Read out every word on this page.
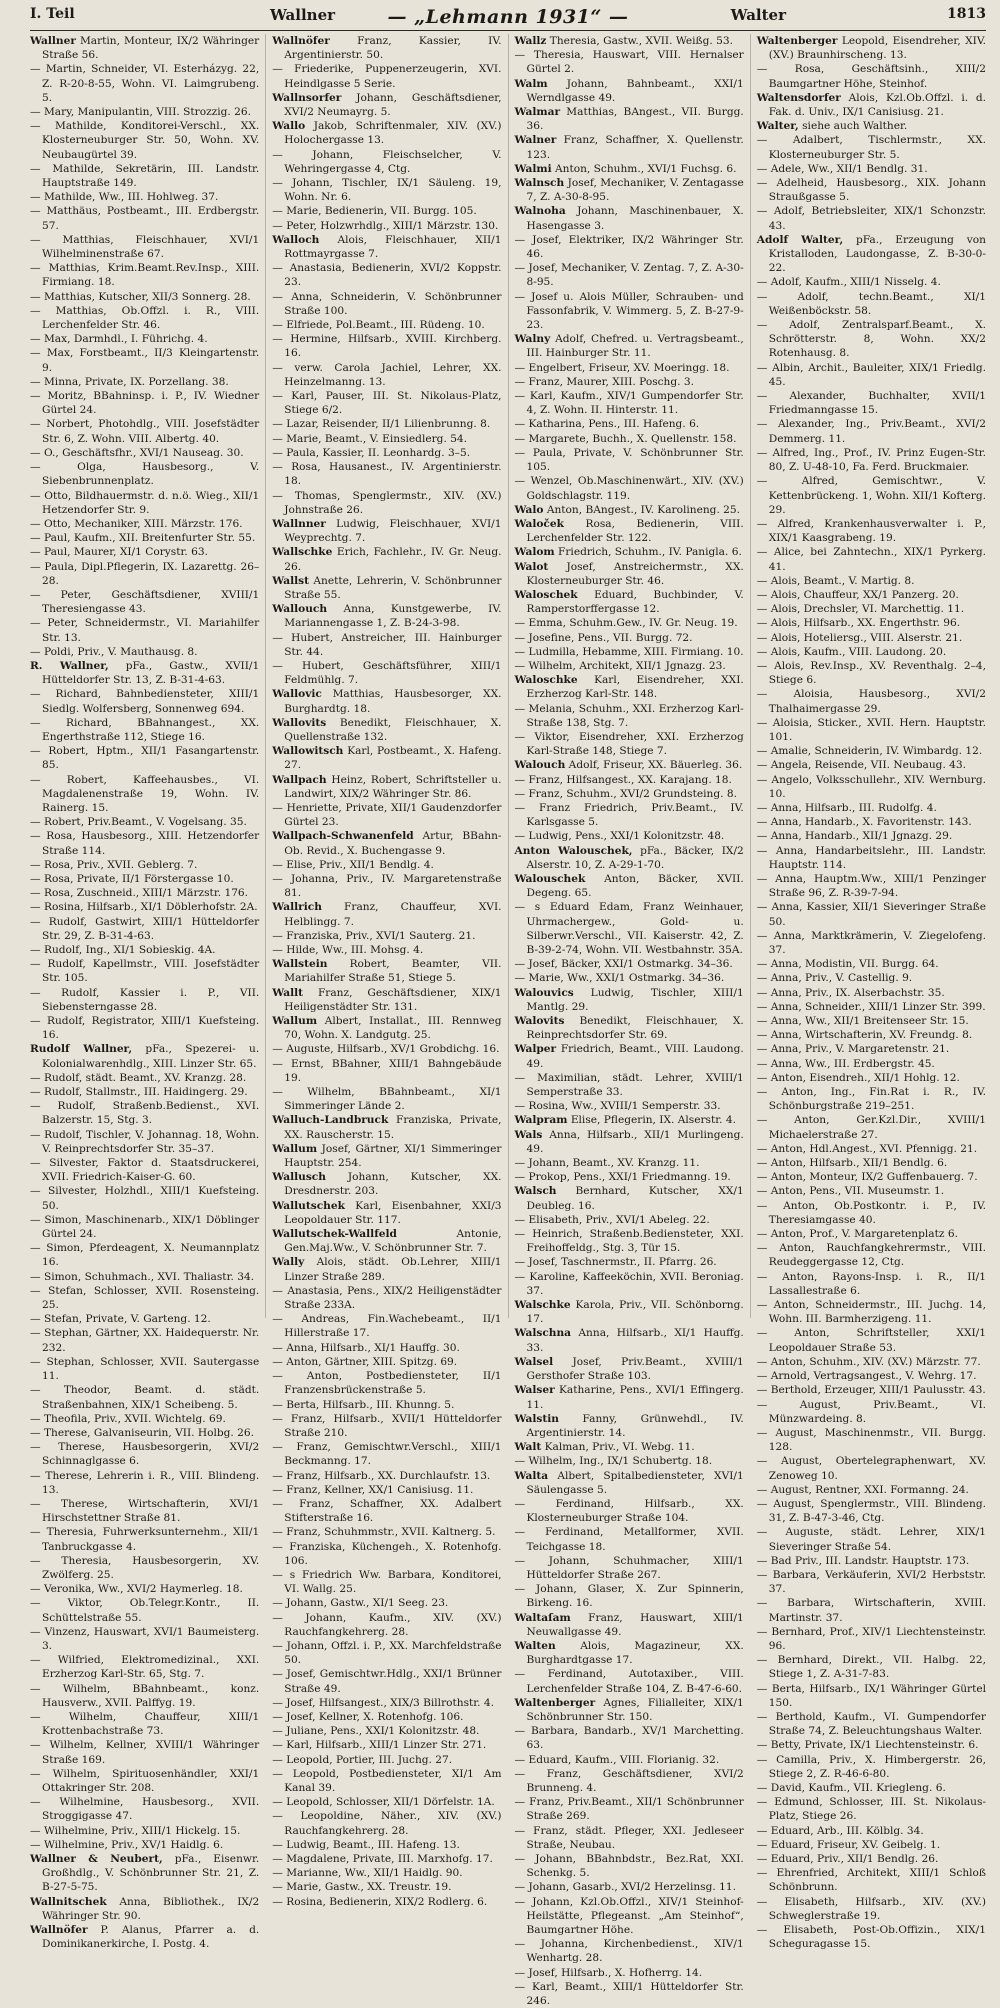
I. Teil	— „Lehmann 1931“ —
Wallner	Walter	1813

Wallner Martin, Monteur, IX/2 Währinger Straße 56.

— Martin, Schneider, VI. Esterházyg. 22, Z. R-20-8-55, Wohn. VI. Laimgrubeng. 5.

— Mary, Manipulantin, VIII. Strozzig. 26.

— Mathilde, Konditorei-Verschl., XX. Klosterneuburger Str. 50, Wohn. XV. Neubaugürtel 39.

— Mathilde, Sekretärin, III. Landstr. Hauptstraße 149.

— Mathilde, Ww., III. Hohlweg. 37.

— Matthäus, Postbeamt., III. Erdbergstr. 57.

— Matthias, Fleischhauer, XVI/1 Wilhelminenstraße 67.

— Matthias, Krim.Beamt.Rev.Insp., XIII. Firmiang. 18.

— Matthias, Kutscher, XII/3 Sonnerg. 28.

— Matthias, Ob.Offzl. i. R., VIII. Lerchenfelder Str. 46.

— Max, Darmhdl., I. Führichg. 4.

— Max, Forstbeamt., II/3 Kleingartenstr. 9.

— Minna, Private, IX. Porzellang. 38.

— Moritz, BBahninsp. i. P., IV. Wiedner Gürtel 24.

— Norbert, Photohdlg., VIII. Josefstädter Str. 6, Z. Wohn. VIII. Albertg. 40.

— O., Geschäftsfhr., XVI/1 Nauseag. 30.

— Olga, Hausbesorg., V. Siebenbrunnenplatz.

— Otto, Bildhauermstr. d. n.ö. Wieg., XII/1 Hetzendorfer Str. 9.

— Otto, Mechaniker, XIII. Märzstr. 176.

— Paul, Kaufm., XII. Breitenfurter Str. 55.

— Paul, Maurer, XI/1 Corystr. 63.

— Paula, Dipl.Pflegerin, IX. Lazarettg. 26–28.

— Peter, Geschäftsdiener, XVIII/1 Theresiengasse 43.

— Peter, Schneidermstr., VI. Mariahilfer Str. 13.

— Poldi, Priv., V. Mauthausg. 8.

R. Wallner, pFa., Gastw., XVII/1 Hütteldorfer Str. 13, Z. B-31-4-63.

— Richard, Bahnbediensteter, XIII/1 Siedlg. Wolfersberg, Sonnenweg 694.

— Richard, BBahnangest., XX. Engerthstraße 112, Stiege 16.

— Robert, Hptm., XII/1 Fasangartenstr. 85.

— Robert, Kaffeehausbes., VI. Magdalenenstraße 19, Wohn. IV. Rainerg. 15.

— Robert, Priv.Beamt., V. Vogelsang. 35.

— Rosa, Hausbesorg., XIII. Hetzendorfer Straße 114.

— Rosa, Priv., XVII. Geblerg. 7.

— Rosa, Private, II/1 Förstergasse 10.

— Rosa, Zuschneid., XIII/1 Märzstr. 176.

— Rosina, Hilfsarb., XI/1 Döblerhofstr. 2A.

— Rudolf, Gastwirt, XIII/1 Hütteldorfer Str. 29, Z. B-31-4-63.

— Rudolf, Ing., XI/1 Sobieskig. 4A.

— Rudolf, Kapellmstr., VIII. Josefstädter Str. 105.

— Rudolf, Kassier i. P., VII. Siebensterngasse 28.

— Rudolf, Registrator, XIII/1 Kuefsteing. 16.

Rudolf Wallner, pFa., Spezerei- u. Kolonialwarenhdlg., XIII. Linzer Str. 65.

— Rudolf, städt. Beamt., XV. Kranzg. 28.

— Rudolf, Stallmstr., III. Haidingerg. 29.

— Rudolf, Straßenb.Bedienst., XVI. Balzerstr. 15, Stg. 3.

— Rudolf, Tischler, V. Johannag. 18, Wohn. V. Reinprechtsdorfer Str. 35–37.

— Silvester, Faktor d. Staatsdruckerei, XVII. Friedrich-Kaiser-G. 60.

— Silvester, Holzhdl., XIII/1 Kuefsteing. 50.

— Simon, Maschinenarb., XIX/1 Döblinger Gürtel 24.

— Simon, Pferdeagent, X. Neumannplatz 16.

— Simon, Schuhmach., XVI. Thaliastr. 34.

— Stefan, Schlosser, XVII. Rosensteing. 25.

— Stefan, Private, V. Garteng. 12.

— Stephan, Gärtner, XX. Haidequerstr. Nr. 232.

— Stephan, Schlosser, XVII. Sautergasse 11.

— Theodor, Beamt. d. städt. Straßenbahnen, XIX/1 Scheibeng. 5.

— Theofila, Priv., XVII. Wichtelg. 69.

— Therese, Galvaniseurin, VII. Holbg. 26.

— Therese, Hausbesorgerin, XVI/2 Schinnaglgasse 6.

— Therese, Lehrerin i. R., VIII. Blindeng. 13.

— Therese, Wirtschafterin, XVI/1 Hirschstettner Straße 81.

— Theresia, Fuhrwerksunternehm., XII/1 Tanbruckgasse 4.

— Theresia, Hausbesorgerin, XV. Zwölferg. 25.

— Veronika, Ww., XVI/2 Haymerleg. 18.

— Viktor, Ob.Telegr.Kontr., II. Schüttelstraße 55.

— Vinzenz, Hauswart, XVI/1 Baumeisterg. 3.

— Wilfried, Elektromedizinal., XXI. Erzherzog Karl-Str. 65, Stg. 7.

— Wilhelm, BBahnbeamt., konz. Hausverw., XVII. Palffyg. 19.

— Wilhelm, Chauffeur, XIII/1 Krottenbachstraße 73.

— Wilhelm, Kellner, XVIII/1 Währinger Straße 169.

— Wilhelm, Spirituosenhändler, XXI/1 Ottakringer Str. 208.

— Wilhelmine, Hausbesorg., XVII. Stroggigasse 47.

— Wilhelmine, Priv., XIII/1 Hickelg. 15.

— Wilhelmine, Priv., XV/1 Haidlg. 6.

Wallner & Neubert, pFa., Eisenwr. Großhdlg., V. Schönbrunner Str. 21, Z. B-27-5-75.

Wallnitschek Anna, Bibliothek., IX/2 Währinger Str. 90.

Wallnöfer P. Alanus, Pfarrer a. d. Dominikanerkirche, I. Postg. 4.

Wallnöfer	Franz, Kassier, IV. Argentinierstr. 50.

— Friederike, Puppenerzeugerin, XVI. Heindlgasse 5 Serie.

Wallnsorfer Johann, Geschäftsdiener, XVI/2 Neumayrg. 5.

Wallo Jakob, Schriftenmaler, XIV. (XV.) Holochergasse 13.

— Johann, Fleischselcher, V. Wehringergasse 4, Ctg.

— Johann, Tischler, IX/1 Säuleng. 19, Wohn. Nr. 6.

— Marie, Bedienerin, VII. Burgg. 105.

— Peter, Holzwrhdlg., XIII/1 Märzstr. 130.

Walloch Alois, Fleischhauer, XII/1 Rottmayrgasse 7.

— Anastasia, Bedienerin, XVI/2 Koppstr. 23.

— Anna, Schneiderin, V. Schönbrunner Straße 100.

— Elfriede, Pol.Beamt., III. Rüdeng. 10.

— Hermine, Hilfsarb., XVIII. Kirchberg. 16.

— verw. Carola Jachiel, Lehrer, XX. Heinzelmanng. 13.

— Karl, Pauser, III. St. Nikolaus-Platz, Stiege 6/2.

— Lazar, Reisender, II/1 Lilienbrunng. 8.

— Marie, Beamt., V. Einsiedlerg. 54.

— Paula, Kassier, II. Leonhardg. 3–5.

— Rosa, Hausanest., IV. Argentinierstr. 18.

— Thomas, Spenglermstr., XIV. (XV.) Johnstraße 26.

Wallnner Ludwig, Fleischhauer, XVI/1 Weyprechtg. 7.

Wallschke Erich, Fachlehr., IV. Gr. Neug. 26.

Wallst Anette, Lehrerin, V. Schönbrunner Straße 55.

Wallouch Anna, Kunstgewerbe, IV. Mariannengasse 1, Z. B-24-3-98.

— Hubert, Anstreicher, III. Hainburger Str. 44.

— Hubert, Geschäftsführer, XIII/1 Feldmühlg. 7.

Wallovic Matthias, Hausbesorger, XX. Burghardtg. 18.

Wallovits Benedikt, Fleischhauer, X. Quellenstraße 132.

Wallowitsch Karl, Postbeamt., X. Hafeng. 27.

Wallpach Heinz, Robert, Schriftsteller u. Landwirt, XIX/2 Währinger Str. 86.

— Henriette, Private, XII/1 Gaudenzdorfer Gürtel 23.

Wallpach-Schwanenfeld Artur, BBahn-Ob. Revid., X. Buchengasse 9.

— Elise, Priv., XII/1 Bendlg. 4.

— Johanna, Priv., IV. Margaretenstraße 81.

Wallrich Franz, Chauffeur, XVI. Helblingg. 7.

— Franziska, Priv., XVI/1 Sauterg. 21.

— Hilde, Ww., III. Mohsg. 4.

Wallstein Robert, Beamter, VII. Mariahilfer Straße 51, Stiege 5.

Wallt Franz, Geschäftsdiener, XIX/1 Heiligenstädter Str. 131.

Wallum Albert, Installat., III. Rennweg 70, Wohn. X. Landgutg. 25.

— Auguste, Hilfsarb., XV/1 Grobdichg. 16.

— Ernst, BBahner, XIII/1 Bahngebäude 19.

— Wilhelm, BBahnbeamt., XI/1 Simmeringer Lände 2.

Walluch-Landbruck Franziska, Private, XX. Rauscherstr. 15.

Wallum Josef, Gärtner, XI/1 Simmeringer Hauptstr. 254.

Wallusch Johann, Kutscher, XX. Dresdnerstr. 203.

Wallutschek Karl, Eisenbahner, XXI/3 Leopoldauer Str. 117.

Wallutschek-Wallfeld	Antonie, Gen.Maj.Ww., V. Schönbrunner Str. 7.

Wally Alois, städt. Ob.Lehrer, XIII/1 Linzer Straße 289.

— Anastasia, Pens., XIX/2 Heiligenstädter Straße 233A.

— Andreas, Fin.Wachebeamt., II/1 Hillerstraße 17.

— Anna, Hilfsarb., XI/1 Hauffg. 30.

— Anton, Gärtner, XIII. Spitzg. 69.

— Anton, Postbediensteter, II/1 Franzensbrückenstraße 5.

— Berta, Hilfsarb., III. Khunng. 5.

— Franz, Hilfsarb., XVII/1 Hütteldorfer Straße 210.

— Franz, Gemischtwr.Verschl., XIII/1 Beckmanng. 17.

— Franz, Hilfsarb., XX. Durchlaufstr. 13.

— Franz, Kellner, XX/1 Canisiusg. 11.

— Franz, Schaffner, XX. Adalbert Stifterstraße 16.

— Franz, Schuhmmstr., XVII. Kaltnerg. 5.

— Franziska, Küchengeh., X. Rotenhofg. 106.

— s Friedrich Ww. Barbara, Konditorei, VI. Wallg. 25.

— Johann, Gastw., XI/1 Seeg. 23.

— Johann, Kaufm., XIV. (XV.) Rauchfangkehrerg. 28.

— Johann, Offzl. i. P., XX. Marchfeldstraße 50.

— Josef, Gemischtwr.Hdlg., XXI/1 Brünner Straße 49.

— Josef, Hilfsangest., XIX/3 Billrothstr. 4.

— Josef, Kellner, X. Rotenhofg. 106.

— Juliane, Pens., XXI/1 Kolonitzstr. 48.

— Karl, Hilfsarb., XIII/1 Linzer Str. 271.

— Leopold, Portier, III. Juchg. 27.

— Leopold, Postbediensteter, XI/1 Am Kanal 39.

— Leopold, Schlosser, XII/1 Dörfelstr. 1A.

— Leopoldine, Näher., XIV. (XV.) Rauchfangkehrerg. 28.

— Ludwig, Beamt., III. Hafeng. 13.

— Magdalene, Private, III. Marxhofg. 17.

— Marianne, Ww., XII/1 Haidlg. 90.

— Marie, Gastw., XX. Treustr. 19.

— Rosina, Bedienerin, XIX/2 Rodlerg. 6.

Wallz Theresia, Gastw., XVII. Weißg. 53.

— Theresia, Hauswart, VIII. Hernalser Gürtel 2.

Walm Johann, Bahnbeamt., XXI/1 Werndlgasse 49.

Walmar Matthias, BAngest., VII. Burgg. 36.

Walner Franz, Schaffner, X. Quellenstr. 123.

Walmi Anton, Schuhm., XVI/1 Fuchsg. 6.

Walnsch Josef, Mechaniker, V. Zentagasse 7, Z. A-30-8-95.

Walnoha Johann, Maschinenbauer, X. Hasengasse 3.

— Josef, Elektriker, IX/2 Währinger Str. 46.

— Josef, Mechaniker, V. Zentag. 7, Z. A-30-8-95.

— Josef u. Alois Müller, Schrauben- und Fassonfabrik, V. Wimmerg. 5, Z. B-27-9-23.

Walny Adolf, Chefred. u. Vertragsbeamt., III. Hainburger Str. 11.

— Engelbert, Friseur, XV. Moeringg. 18.

— Franz, Maurer, XIII. Poschg. 3.

— Karl, Kaufm., XIV/1 Gumpendorfer Str. 4, Z. Wohn. II. Hinterstr. 11.

— Katharina, Pens., III. Hafeng. 6.

— Margarete, Buchh., X. Quellenstr. 158.

— Paula, Private, V. Schönbrunner Str. 105.

— Wenzel, Ob.Maschinenwärt., XIV. (XV.) Goldschlagstr. 119.

Walo Anton, BAngest., IV. Karolineng. 25.

Waloček Rosa, Bedienerin, VIII. Lerchenfelder Str. 122.

Walom Friedrich, Schuhm., IV. Panigla. 6.

Walot Josef, Anstreichermstr., XX. Klosterneuburger Str. 46.

Waloschek Eduard, Buchbinder, V. Ramperstorffergasse 12.

— Emma, Schuhm.Gew., IV. Gr. Neug. 19.

— Josefine, Pens., VII. Burgg. 72.

— Ludmilla, Hebamme, XIII. Firmiang. 10.

— Wilhelm, Architekt, XII/1 Jgnazg. 23.

Waloschke Karl, Eisendreher, XXI. Erzherzog Karl-Str. 148.

— Melania, Schuhm., XXI. Erzherzog Karl-Straße 138, Stg. 7.

— Viktor, Eisendreher, XXI. Erzherzog Karl-Straße 148, Stiege 7.

Walouch Adolf, Friseur, XX. Bäuerleg. 36.

— Franz, Hilfsangest., XX. Karajang. 18.

— Franz, Schuhm., XVI/2 Grundsteing. 8.

— Franz Friedrich, Priv.Beamt., IV. Karlsgasse 5.

— Ludwig, Pens., XXI/1 Kolonitzstr. 48.

Anton Walouschek, pFa., Bäcker, IX/2 Alserstr. 10, Z. A-29-1-70.

Walouschek Anton, Bäcker, XVII. Degeng. 65.

— s Eduard Edam, Franz Weinhauer, Uhrmachergew., Gold- u. Silberwr.Verschl., VII. Kaiserstr. 42, Z. B-39-2-74, Wohn. VII. Westbahnstr. 35A.

— Josef, Bäcker, XXI/1 Ostmarkg. 34–36.

— Marie, Ww., XXI/1 Ostmarkg. 34–36.

Walouvics Ludwig, Tischler, XIII/1 Mantlg. 29.

Walovits Benedikt, Fleischhauer, X. Reinprechtsdorfer Str. 69.

Walper Friedrich, Beamt., VIII. Laudong. 49.

— Maximilian, städt. Lehrer, XVIII/1 Semperstraße 33.

— Rosina, Ww., XVIII/1 Semperstr. 33.

Walpram Elise, Pflegerin, IX. Alserstr. 4.

Wals Anna, Hilfsarb., XII/1 Murlingeng. 49.

— Johann, Beamt., XV. Kranzg. 11.

— Prokop, Pens., XXI/1 Friedmanng. 19.

Walsch Bernhard, Kutscher, XX/1 Deubleg. 16.

— Elisabeth, Priv., XVI/1 Abeleg. 22.

— Heinrich, Straßenb.Bediensteter, XXI. Freihoffeldg., Stg. 3, Tür 15.

— Josef, Taschnermstr., II. Pfarrg. 26.

— Karoline, Kaffeeköchin, XVII. Beroniag. 37.

Walschke Karola, Priv., VII. Schönborng. 17.

Walschna Anna, Hilfsarb., XI/1 Hauffg. 33.

Walsel Josef, Priv.Beamt., XVIII/1 Gersthofer Straße 103.

Walser Katharine, Pens., XVI/1 Effingerg. 11.

Walstin Fanny, Grünwehdl., IV. Argentinierstr. 14.

Walt Kalman, Priv., VI. Webg. 11.

— Wilhelm, Ing., IX/1 Schubertg. 18.

Walta Albert, Spitalbediensteter, XVI/1 Säulengasse 5.

— Ferdinand, Hilfsarb., XX. Klosterneuburger Straße 104.

— Ferdinand, Metallformer, XVII. Teichgasse 18.

— Johann, Schuhmacher, XIII/1 Hütteldorfer Straße 267.

— Johann, Glaser, X. Zur Spinnerin, Birkeng. 16.

Waltaſam Franz, Hauswart, XIII/1 Neuwallgasse 49.

Walten Alois, Magazineur, XX. Burghardtgasse 17.

— Ferdinand, Autotaxiber., VIII. Lerchenfelder Straße 104, Z. B-47-6-60.

Waltenberger Agnes, Filialleiter, XIX/1 Schönbrunner Str. 150.

— Barbara, Bandarb., XV/1 Marchetting. 63.

— Eduard, Kaufm., VIII. Florianig. 32.

— Franz, Geschäftsdiener, XVI/2 Brunneng. 4.

— Franz, Priv.Beamt., XII/1 Schönbrunner Straße 269.

— Franz, städt. Pfleger, XXI. Jedleseer Straße, Neubau.

— Johann, BBahnbdstr., Bez.Rat, XXI. Schenkg. 5.

— Johann, Gasarb., XVI/2 Herzelinsg. 11.

— Johann, Kzl.Ob.Offzl., XIV/1 Steinhof-Heilstätte, Pflegeanst. „Am Steinhof“, Baumgartner Höhe.

— Johanna, Kirchenbedienst., XIV/1 Wenhartg. 28.

— Josef, Hilfsarb., X. Hofherrg. 14.

— Karl, Beamt., XIII/1 Hütteldorfer Str. 246.

Waltenberger Leopold, Eisendreher, XIV. (XV.) Braunhirscheng. 13.

— Rosa, Geschäftsinh., XIII/2 Baumgartner Höhe, Steinhof.

Waltensdorfer Alois, Kzl.Ob.Offzl. i. d. Fak. d. Univ., IX/1 Canisiusg. 21.

Walter, siehe auch Walther.

— Adalbert, Tischlermstr., XX. Klosterneuburger Str. 5.

— Adele, Ww., XII/1 Bendlg. 31.

— Adelheid, Hausbesorg., XIX. Johann Straußgasse 5.

— Adolf, Betriebsleiter, XIX/1 Schonzstr. 43.

Adolf Walter, pFa., Erzeugung von Kristalloden, Laudongasse, Z. B-30-0-22.

— Adolf, Kaufm., XIII/1 Nisselg. 4.

— Adolf, techn.Beamt., XI/1 Weißenböckstr. 58.

— Adolf, Zentralsparf.Beamt., X. Schrötterstr. 8, Wohn. XX/2 Rotenhausg. 8.

— Albin, Archit., Bauleiter, XIX/1 Friedlg. 45.

— Alexander, Buchhalter, XVII/1 Friedmanngasse 15.

— Alexander, Ing., Priv.Beamt., XVI/2 Demmerg. 11.

— Alfred, Ing., Prof., IV. Prinz Eugen-Str. 80, Z. U-48-10, Fa. Ferd. Bruckmaier.

— Alfred, Gemischtwr., V. Kettenbrückeng. 1, Wohn. XII/1 Kofterg. 29.

— Alfred, Krankenhausverwalter i. P., XIX/1 Kaasgrabeng. 19.

— Alice, bei Zahntechn., XIX/1 Pyrkerg. 41.

— Alois, Beamt., V. Martig. 8.

— Alois, Chauffeur, XX/1 Panzerg. 20.

— Alois, Drechsler, VI. Marchettig. 11.

— Alois, Hilfsarb., XX. Engerthstr. 96.

— Alois, Hoteliersg., VIII. Alserstr. 21.

— Alois, Kaufm., VIII. Laudong. 20.

— Alois, Rev.Insp., XV. Reventhalg. 2–4, Stiege 6.

— Aloisia, Hausbesorg., XVI/2 Thalhaimergasse 29.

— Aloisia, Sticker., XVII. Hern. Hauptstr. 101.

— Amalie, Schneiderin, IV. Wimbardg. 12.

— Angela, Reisende, VII. Neubaug. 43.

— Angelo, Volksschullehr., XIV. Wernburg. 10.

— Anna, Hilfsarb., III. Rudolfg. 4.

— Anna, Handarb., X. Favoritenstr. 143.

— Anna, Handarb., XII/1 Jgnazg. 29.

— Anna, Handarbeitslehr., III. Landstr. Hauptstr. 114.

— Anna, Hauptm.Ww., XIII/1 Penzinger Straße 96, Z. R-39-7-94.

— Anna, Kassier, XII/1 Sieveringer Straße 50.

— Anna, Marktkrämerin, V. Ziegelofeng. 37.

— Anna, Modistin, VII. Burgg. 64.

— Anna, Priv., V. Castellig. 9.

— Anna, Priv., IX. Alserbachstr. 35.

— Anna, Schneider., XIII/1 Linzer Str. 399.

— Anna, Ww., XII/1 Breitenseer Str. 15.

— Anna, Wirtschafterin, XV. Freundg. 8.

— Anna, Priv., V. Margaretenstr. 21.

— Anna, Ww., III. Erdbergstr. 45.

— Anton, Eisendreh., XII/1 Hohlg. 12.

— Anton, Ing., Fin.Rat i. R., IV. Schönburgstraße 219–251.

— Anton, Ger.Kzl.Dir., XVIII/1 Michaelerstraße 27.

— Anton, Hdl.Angest., XVI. Pfennigg. 21.

— Anton, Hilfsarb., XII/1 Bendlg. 6.

— Anton, Monteur, IX/2 Guffenbauerg. 7.

— Anton, Pens., VII. Museumstr. 1.

— Anton, Ob.Postkontr. i. P., IV. Theresiamgasse 40.

— Anton, Prof., V. Margaretenplatz 6.

— Anton, Rauchfangkehrermstr., VIII. Reudeggergasse 12, Ctg.

— Anton, Rayons-Insp. i. R., II/1 Lassallestraße 6.

— Anton, Schneidermstr., III. Juchg. 14, Wohn. III. Barmherzigeng. 11.

— Anton, Schriftsteller, XXI/1 Leopoldauer Straße 53.

— Anton, Schuhm., XIV. (XV.) Märzstr. 77.

— Arnold, Vertragsangest., V. Wehrg. 17.

— Berthold, Erzeuger, XIII/1 Paulusstr. 43.

— August, Priv.Beamt., VI. Münzwardeing. 8.

— August, Maschinenmstr., VII. Burgg. 128.

— August, Obertelegraphenwart, XV. Zenoweg 10.

— August, Rentner, XXI. Formanng. 24.

— August, Spenglermstr., VIII. Blindeng. 31, Z. B-47-3-46, Ctg.

— Auguste, städt. Lehrer, XIX/1 Sieveringer Straße 54.

— Bad Priv., III. Landstr. Hauptstr. 173.

— Barbara, Verkäuferin, XVI/2 Herbststr. 37.

— Barbara, Wirtschafterin, XVIII. Martinstr. 37.

— Bernhard, Prof., XIV/1 Liechtensteinstr. 96.

— Bernhard, Direkt., VII. Halbg. 22, Stiege 1, Z. A-31-7-83.

— Berta, Hilfsarb., IX/1 Währinger Gürtel 150.

— Berthold, Kaufm., VI. Gumpendorfer Straße 74, Z. Beleuchtungshaus Walter.

— Betty, Private, IX/1 Liechtensteinstr. 6.

— Camilla, Priv., X. Himbergerstr. 26, Stiege 2, Z. R-46-6-80.

— David, Kaufm., VII. Kriegleng. 6.

— Edmund, Schlosser, III. St. Nikolaus-Platz, Stiege 26.

— Eduard, Arb., III. Kölblg. 34.

— Eduard, Friseur, XV. Geibelg. 1.

— Eduard, Priv., XII/1 Bendlg. 26.

— Ehrenfried, Architekt, XIII/1 Schloß Schönbrunn.

— Elisabeth, Hilfsarb., XIV. (XV.) Schweglerstraße 19.

— Elisabeth, Post-Ob.Offizin., XIX/1 Scheguragasse 15.
